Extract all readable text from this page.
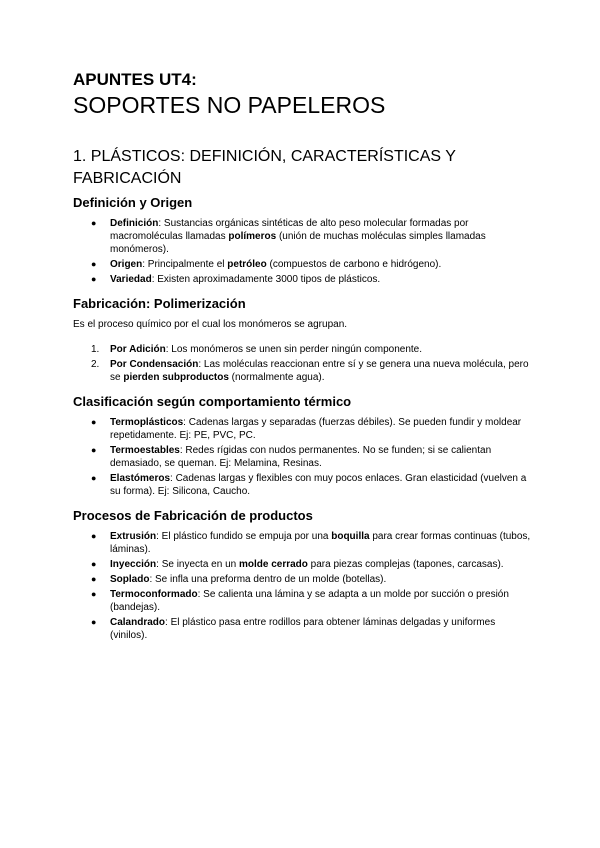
APUNTES UT4:
SOPORTES NO PAPELEROS
1. PLÁSTICOS: DEFINICIÓN, CARACTERÍSTICAS Y
FABRICACIÓN
Definición y Origen
● Definición: Sustancias orgánicas sintéticas de alto peso molecular formadas por macromoléculas llamadas polímeros (unión de muchas moléculas simples llamadas monómeros).
● Origen: Principalmente el petróleo (compuestos de carbono e hidrógeno).
● Variedad: Existen aproximadamente 3000 tipos de plásticos.
Fabricación: Polimerización

Es el proceso químico por el cual los monómeros se agrupan.

1. Por Adición: Los monómeros se unen sin perder ningún componente.
2. Por Condensación: Las moléculas reaccionan entre sí y se genera una nueva molécula, pero se pierden subproductos (normalmente agua).
Clasificación según comportamiento térmico
● Termoplásticos: Cadenas largas y separadas (fuerzas débiles). Se pueden fundir y moldear repetidamente. Ej: PE, PVC, PC.
● Termoestables: Redes rígidas con nudos permanentes. No se funden; si se calientan demasiado, se queman. Ej: Melamina, Resinas.
● Elastómeros: Cadenas largas y flexibles con muy pocos enlaces. Gran elasticidad (vuelven a su forma). Ej: Silicona, Caucho.
Procesos de Fabricación de productos
● Extrusión: El plástico fundido se empuja por una boquilla para crear formas continuas (tubos, láminas).
● Inyección: Se inyecta en un molde cerrado para piezas complejas (tapones, carcasas).
● Soplado: Se infla una preforma dentro de un molde (botellas).
● Termoconformado: Se calienta una lámina y se adapta a un molde por succión o presión (bandejas).
● Calandrado: El plástico pasa entre rodillos para obtener láminas delgadas y uniformes (vinilos).
